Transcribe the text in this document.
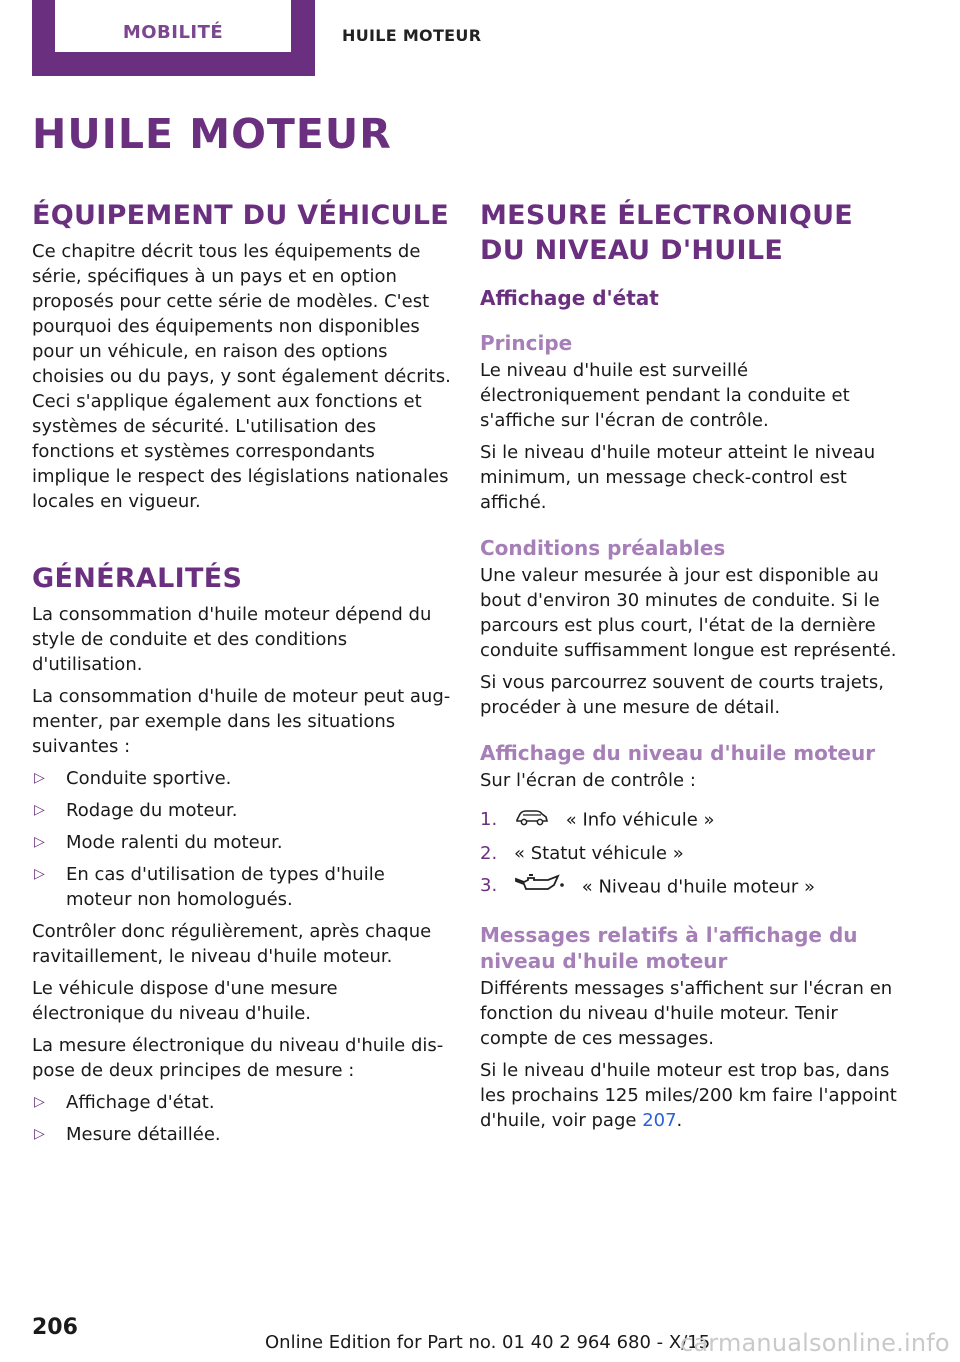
MOBILITÉ	HUILE MOTEUR
HUILE MOTEUR
ÉQUIPEMENT DU VÉHICULE

Ce chapitre décrit tous les équipements de série, spécifiques à un pays et en option proposés pour cette série de modèles. C'est pourquoi des équipements non disponibles pour un véhicule, en raison des options choisies ou du pays, y sont également décrits. Ceci s'applique également aux fonctions et systèmes de sécurité. L'utilisation des fonctions et systèmes correspondants implique le respect des législations nationales locales en vigueur.

GÉNÉRALITÉS

La consommation d'huile moteur dépend du style de conduite et des conditions d'utilisation.

La consommation d'huile de moteur peut augmenter, par exemple dans les situations suivantes :

▷ Conduite sportive.
▷ Rodage du moteur.
▷ Mode ralenti du moteur.
▷ En cas d'utilisation de types d'huile moteur non homologués.

Contrôler donc régulièrement, après chaque ravitaillement, le niveau d'huile moteur.

Le véhicule dispose d'une mesure électronique du niveau d'huile.

La mesure électronique du niveau d'huile dispose de deux principes de mesure :

▷ Affichage d'état.
▷ Mesure détaillée.
MESURE ÉLECTRONIQUE DU NIVEAU D'HUILE
Affichage d'état
Principe

Le niveau d'huile est surveillé électroniquement pendant la conduite et s'affiche sur l'écran de contrôle.

Si le niveau d'huile moteur atteint le niveau minimum, un message check-control est affiché.

Conditions préalables

Une valeur mesurée à jour est disponible au bout d'environ 30 minutes de conduite. Si le parcours est plus court, l'état de la dernière conduite suffisamment longue est représenté.

Si vous parcourrez souvent de courts trajets, procéder à une mesure de détail.

Affichage du niveau d'huile moteur

Sur l'écran de contrôle :

1.	« Info véhicule »
2. « Statut véhicule »
3.	« Niveau d'huile moteur »
Messages relatifs à l'affichage du niveau d'huile moteur

Différents messages s'affichent sur l'écran en fonction du niveau d'huile moteur. Tenir compte de ces messages.

Si le niveau d'huile moteur est trop bas, dans les prochains 125 miles/200 km faire l'appoint d'huile, voir page 207.

206
Online Edition for Part no. 01 40 2 964 680 - X/15
carmanualsonline.info
